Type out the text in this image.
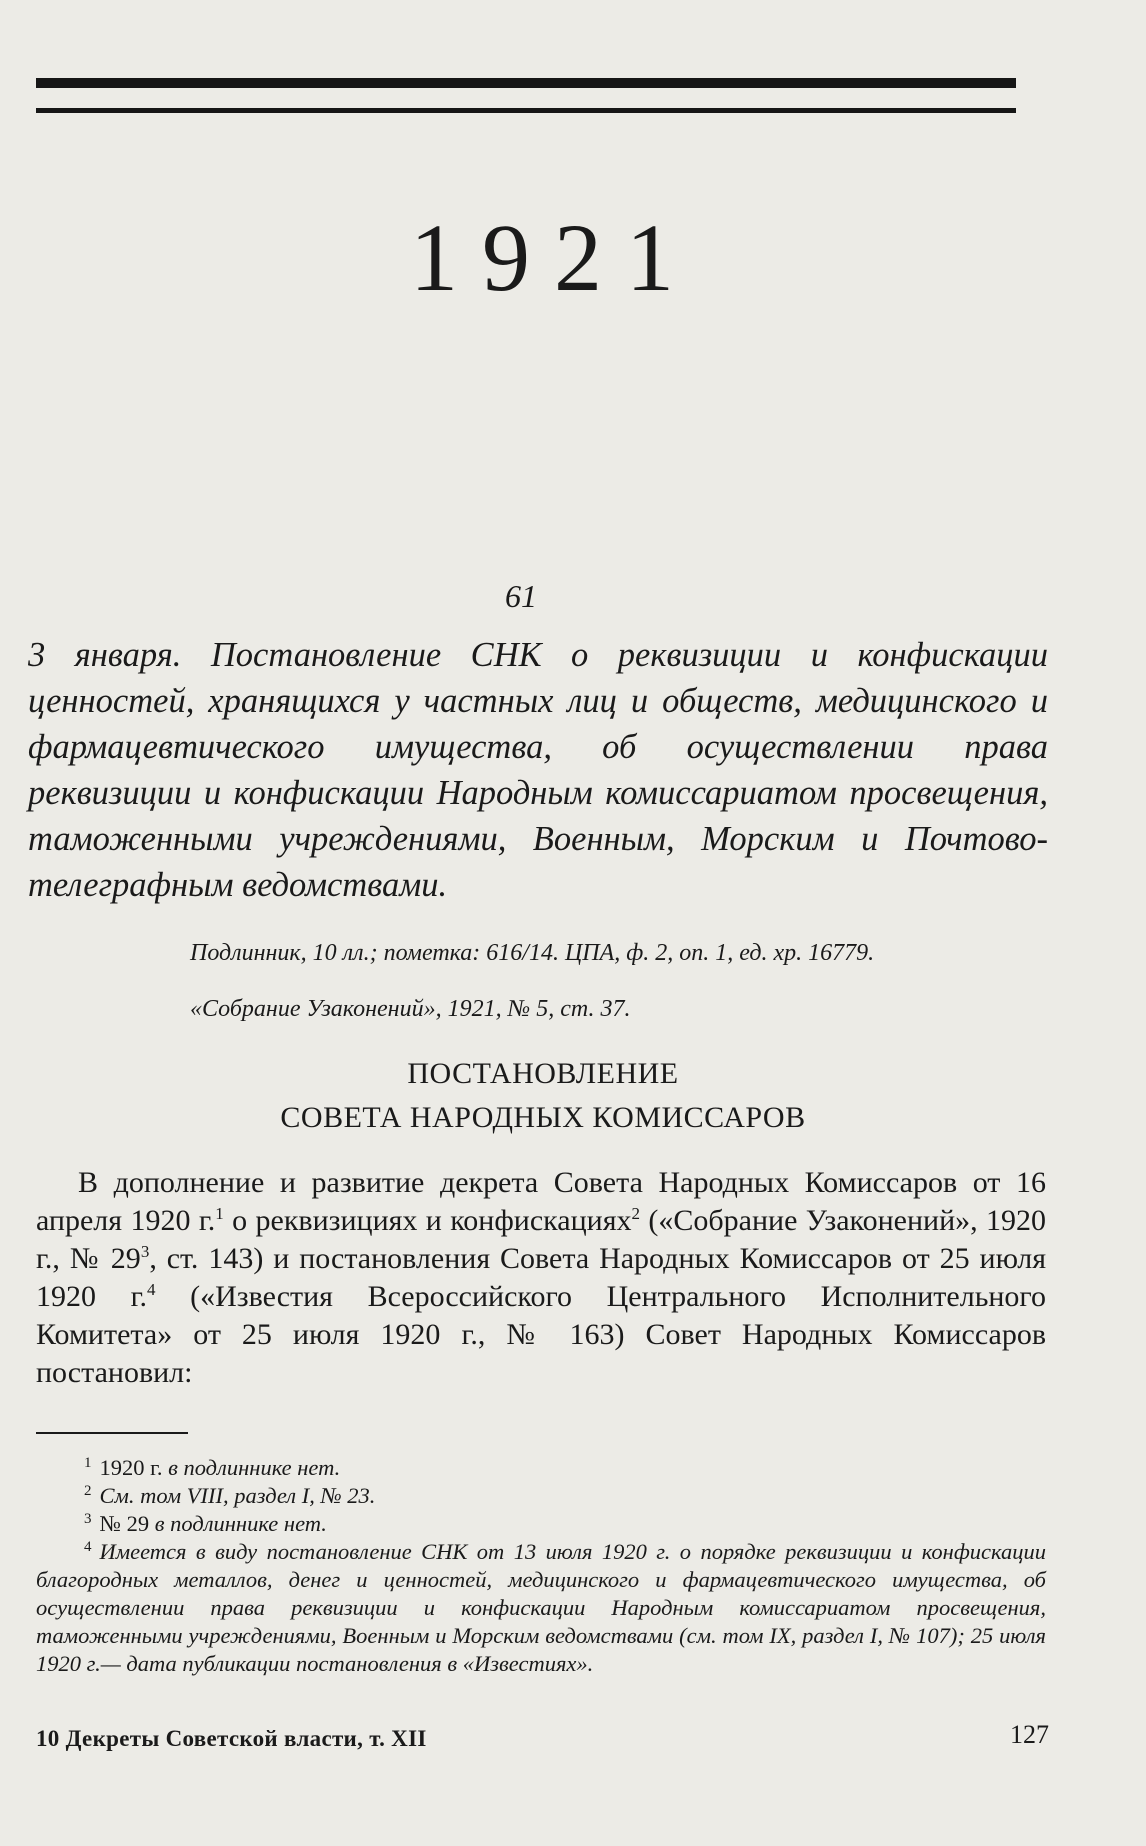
1921
61
3 января. Постановление СНК о реквизиции и конфискации ценностей, хранящихся у частных лиц и обществ, медицинского и фармацевтического имущества, об осуществлении права реквизиции и конфискации Народным комиссариатом просвещения, таможенными учреждениями, Военным, Морским и Почтово-телеграфным ведомствами.
Подлинник, 10 лл.; пометка: 616/14. ЦПА, ф. 2, оп. 1, ед. хр. 16779.
«Собрание Узаконений», 1921, № 5, ст. 37.
ПОСТАНОВЛЕНИЕ
СОВЕТА НАРОДНЫХ КОМИССАРОВ
В дополнение и развитие декрета Совета Народных Комиссаров от 16 апреля 1920 г.$^1$ о реквизициях и конфискациях$^2$ («Собрание Узаконений», 1920 г., № $29^3$, ст. 143) и постановления Совета Народных Комиссаров от 25 июля 1920 г.$^4$ («Известия Всероссийского Центрального Исполнительного Комитета» от 25 июля 1920 г., № 163) Совет Народных Комиссаров постановил:
$^1$ 1920 г. в подлиннике нет.
$^2$ См. том VIII, раздел I, № 23.
$^3$ № 29 в подлиннике нет.
$^4$ Имеется в виду постановление СНК от 13 июля 1920 г. о порядке реквизиции и конфискации благородных металлов, денег и ценностей, медицинского и фармацевтического имущества, об осуществлении права реквизиции и конфискации Народным комиссариатом просвещения, таможенными учреждениями, Военным и Морским ведомствами (см. том IX, раздел I, № 107); 25 июля 1920 г.— дата публикации постановления в «Известиях».
10 Декреты Советской власти, т. XII	127
